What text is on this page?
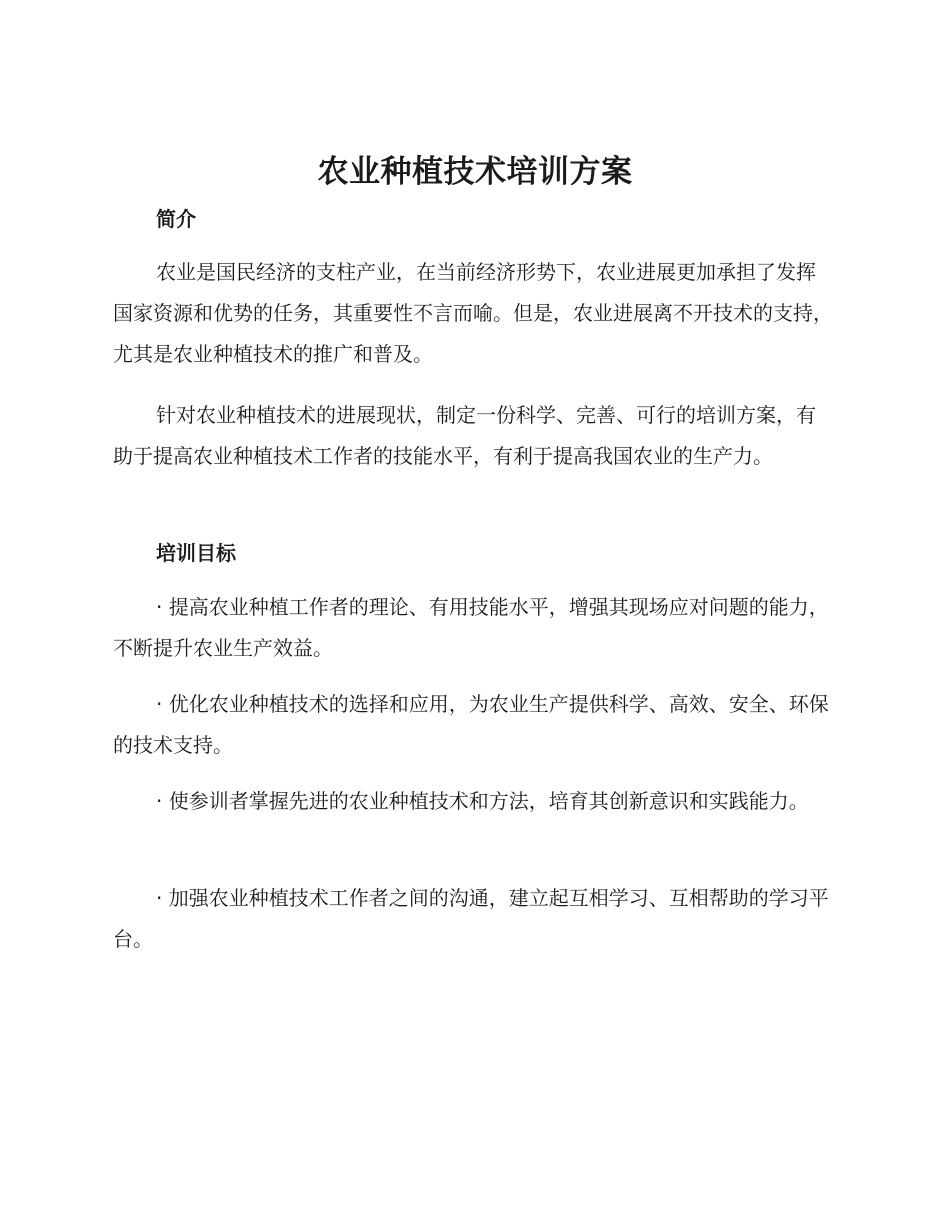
农业种植技术培训方案
简介

农业是国民经济的支柱产业，在当前经济形势下，农业进展更加承担了发挥国家资源和优势的任务，其重要性不言而喻。但是，农业进展离不开技术的支持，尤其是农业种植技术的推广和普及。

针对农业种植技术的进展现状，制定一份科学、完善、可行的培训方案，有助于提高农业种植技术工作者的技能水平，有利于提高我国农业的生产力。

培训目标

· 提高农业种植工作者的理论、有用技能水平，增强其现场应对问题的能力，不断提升农业生产效益。

· 优化农业种植技术的选择和应用，为农业生产提供科学、高效、安全、环保的技术支持。

· 使参训者掌握先进的农业种植技术和方法，培育其创新意识和实践能力。

· 加强农业种植技术工作者之间的沟通，建立起互相学习、互相帮助的学习平台。
